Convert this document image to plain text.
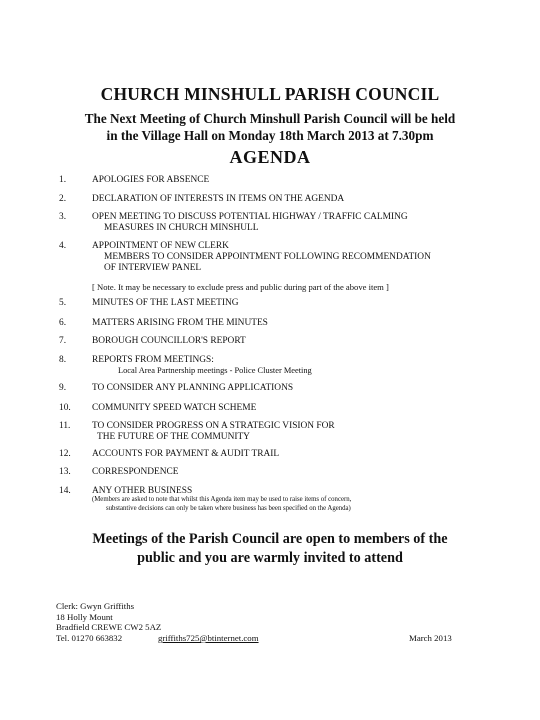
CHURCH MINSHULL PARISH COUNCIL
The Next Meeting of Church Minshull Parish Council will be held
in the Village Hall on Monday 18th March 2013 at 7.30pm
AGENDA
1.	APOLOGIES FOR ABSENCE
2.	DECLARATION OF INTERESTS IN ITEMS ON THE AGENDA
3.	OPEN MEETING TO DISCUSS POTENTIAL HIGHWAY / TRAFFIC CALMING
MEASURES IN CHURCH MINSHULL
4.	APPOINTMENT OF NEW CLERK
MEMBERS TO CONSIDER APPOINTMENT FOLLOWING RECOMMENDATION
OF INTERVIEW PANEL
[ Note. It may be necessary to exclude press and public during part of the above item ]
5.	MINUTES OF THE LAST MEETING
6.	MATTERS ARISING FROM THE MINUTES
7.	BOROUGH COUNCILLOR'S REPORT
8.	REPORTS FROM MEETINGS:
Local Area Partnership meetings - Police Cluster Meeting
9.	TO CONSIDER ANY PLANNING APPLICATIONS
10. COMMUNITY SPEED WATCH SCHEME
11. TO CONSIDER PROGRESS ON A STRATEGIC VISION FOR
THE FUTURE OF THE COMMUNITY
12. ACCOUNTS FOR PAYMENT & AUDIT TRAIL
13. CORRESPONDENCE
14. ANY OTHER BUSINESS
(Members are asked to note that whilst this Agenda item may be used to raise items of concern,
substantive decisions can only be taken where business has been specified on the Agenda)
Meetings of the Parish Council are open to members of the
public and you are warmly invited to attend
Clerk: Gwyn Griffiths
18 Holly Mount
Bradfield CREWE CW2 5AZ
Tel. 01270 663832	griffiths725@btinternet.com	March 2013
